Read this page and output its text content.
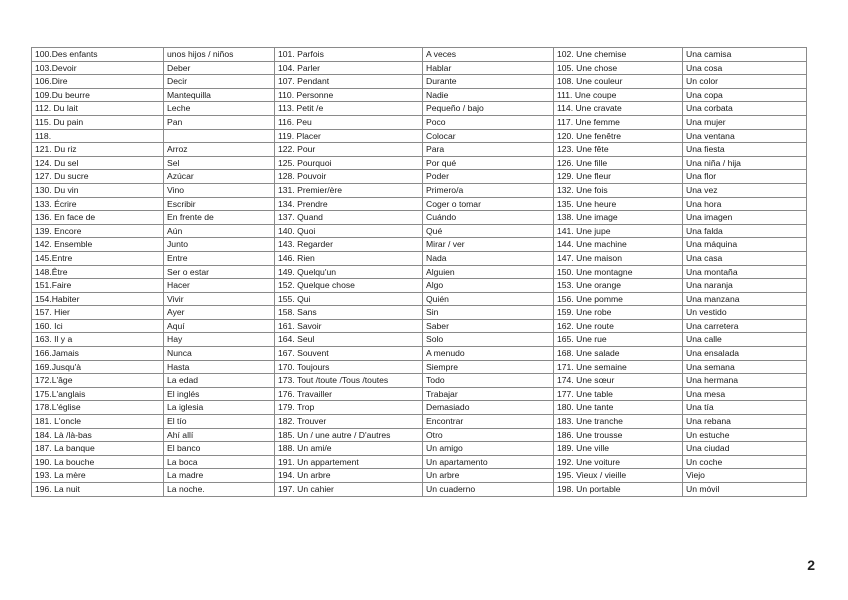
100.Des enfants	unos hijos / niños	101. Parfois	A veces	102. Une chemise	Una camisa
103.Devoir	Deber	104. Parler	Hablar	105. Une chose	Una cosa
106.Dire	Decir	107. Pendant	Durante	108. Une couleur	Un color
109.Du beurre	Mantequilla	110. Personne	Nadie	111. Une coupe	Una copa
112. Du lait	Leche	113. Petit /e	Pequeño / bajo	114. Une cravate	Una corbata
115. Du pain	Pan	116. Peu	Poco	117. Une femme	Una mujer
118.		119. Placer	Colocar	120. Une fenêtre	Una ventana
121. Du riz	Arroz	122. Pour	Para	123. Une fête	Una fiesta
124. Du sel	Sel	125. Pourquoi	Por qué	126. Une fille	Una niña / hija
127. Du sucre	Azúcar	128. Pouvoir	Poder	129. Une fleur	Una flor
130. Du vin	Vino	131. Premier/ère	Primero/a	132. Une fois	Una vez
133. Écrire	Escribir	134. Prendre	Coger o tomar	135. Une heure	Una hora
136. En face de	En frente de	137. Quand	Cuándo	138. Une image	Una imagen
139. Encore	Aún	140. Quoi	Qué	141. Une jupe	Una falda
142. Ensemble	Junto	143. Regarder	Mirar / ver	144. Une machine	Una máquina
145.Entre	Entre	146. Rien	Nada	147. Une maison	Una casa
148.Être	Ser o estar	149. Quelqu'un	Alguien	150. Une montagne	Una montaña
151.Faire	Hacer	152. Quelque chose	Algo	153. Une orange	Una naranja
154.Habiter	Vivir	155. Qui	Quién	156. Une pomme	Una manzana
157. Hier	Ayer	158. Sans	Sin	159. Une robe	Un vestido
160. Ici	Aquí	161. Savoir	Saber	162. Une route	Una carretera
163. Il y a	Hay	164. Seul	Solo	165. Une rue	Una calle
166.Jamais	Nunca	167. Souvent	A menudo	168. Une salade	Una ensalada
169.Jusqu'à	Hasta	170. Toujours	Siempre	171. Une semaine	Una semana
172.L'âge	La edad	173. Tout /toute /Tous /toutes	Todo	174. Une sœur	Una hermana
175.L'anglais	El inglés	176. Travailler	Trabajar	177. Une table	Una mesa
178.L'église	La iglesia	179. Trop	Demasiado	180. Une tante	Una tía
181. L'oncle	El tío	182. Trouver	Encontrar	183. Une tranche	Una rebana
184. Là /là-bas	Ahí allí	185. Un / une autre / D'autres	Otro	186. Une trousse	Un estuche
187. La banque	El banco	188. Un ami/e	Un amigo	189. Une ville	Una ciudad
190. La bouche	La boca	191. Un appartement	Un apartamento	192. Une voiture	Un coche
193. La mère	La madre	194. Un arbre	Un arbre	195. Vieux / vieille	Viejo
196. La nuit	La noche.	197. Un cahier	Un cuaderno	198. Un portable	Un móvil
2
